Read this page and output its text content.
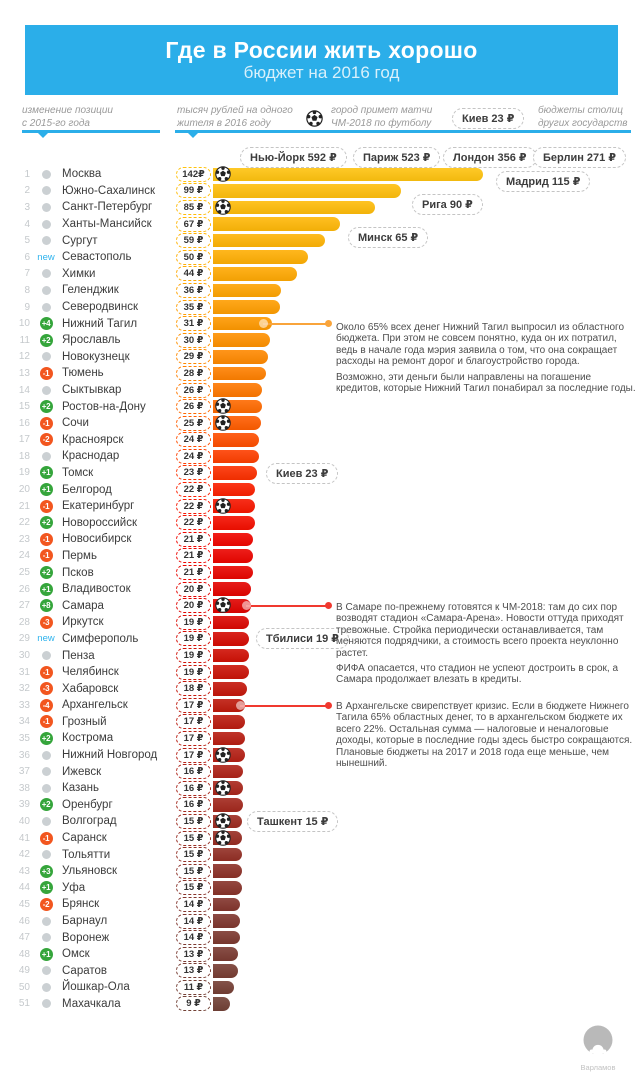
Где в России жить хорошо
бюджет на 2016 год
изменение позиции
с 2015-го года
тысяч рублей на одного
жителя в 2016 году
город примет матчи
ЧМ-2018 по футболу	Киев 23 ₽
бюджеты столиц
других государств
1	Москва	142₽
2	Южно-Сахалинск	99 ₽
3	Санкт-Петербург	85 ₽
4	Ханты-Мансийск	67 ₽
5	Сургут	59 ₽
6 new Севастополь	50 ₽
7	Химки	44 ₽
8	Геленджик	36 ₽
9	Северодвинск	35 ₽
10 +4 Нижний Тагил	31 ₽
11 +2 Ярославль	30 ₽
12	Новокузнецк	29 ₽
13	-1 Тюмень	28 ₽
14	Сыктывкар	26 ₽
15 +2 Ростов-на-Дону	26 ₽
16	-1 Сочи	25 ₽
17	-2 Красноярск	24 ₽
18	Краснодар	24 ₽
19 +1 Томск	23 ₽
20 +1 Белгород	22 ₽
21	-1 Екатеринбург	22 ₽
22 +2 Новороссийск	22 ₽
23	-1 Новосибирск	21 ₽
24	-1 Пермь	21 ₽
25 +2 Псков	21 ₽
26 +1 Владивосток	20 ₽
27 +8 Самара	20 ₽
28	-3 Иркутск	19 ₽
29 new Симферополь	19 ₽
30	Пенза	19 ₽
31	-1 Челябинск	19 ₽
32	-3 Хабаровск	18 ₽
33	-4 Архангельск	17 ₽
34	-1 Грозный	17 ₽
35 +2 Кострома	17 ₽
36	Нижний Новгород	17 ₽
37	Ижевск	16 ₽
38	Казань	16 ₽
39 +2 Оренбург	16 ₽
40	Волгоград	15 ₽
41	-1 Саранск	15 ₽
42	Тольятти	15 ₽
43 +3 Ульяновск	15 ₽
44 +1 Уфа	15 ₽
45	-2 Брянск	14 ₽
46	Барнаул	14 ₽
47	Воронеж	14 ₽
48 +1 Омск	13 ₽
49	Саратов	13 ₽
50	Йошкар-Ола	11 ₽
51	Махачкала	9 ₽
Нью-Йорк 592 ₽	Париж 523 ₽	Лондон 356 ₽	Берлин 271 ₽
Мадрид 115 ₽
Рига 90 ₽
Минск 65 ₽
Киев 23 ₽
Тбилиси 19 ₽
Ташкент 15 ₽

Около 65% всех денег Нижний Тагил выпросил из областного бюджета. При этом не совсем понятно, куда он их потратил, ведь в начале года мэрия заявила о том, что она сокращает расходы на ремонт дорог и благоустройство города.

Возможно, эти деньги были направлены на погашение кредитов, которые Нижний Тагил понабирал за последние годы.

В Самаре по-прежнему готовятся к ЧМ-2018: там до сих пор возводят стадион «Самара-Арена». Новости оттуда приходят тревожные. Стройка периодически останавливается, там меняются подрядчики, а стоимость всего проекта неуклонно растет.

ФИФА опасается, что стадион не успеют достроить в срок, а Самара продолжает влезать в кредиты.

В Архангельске свирепствует кризис. Если в бюджете Нижнего Тагила 65% областных денег, то в архангельском бюджете их всего 22%. Остальная сумма — налоговые и неналоговые доходы, которые в последние годы здесь быстро сокращаются. Плановые бюджеты на 2017 и 2018 года еще меньше, чем нынешний.

Варламов
